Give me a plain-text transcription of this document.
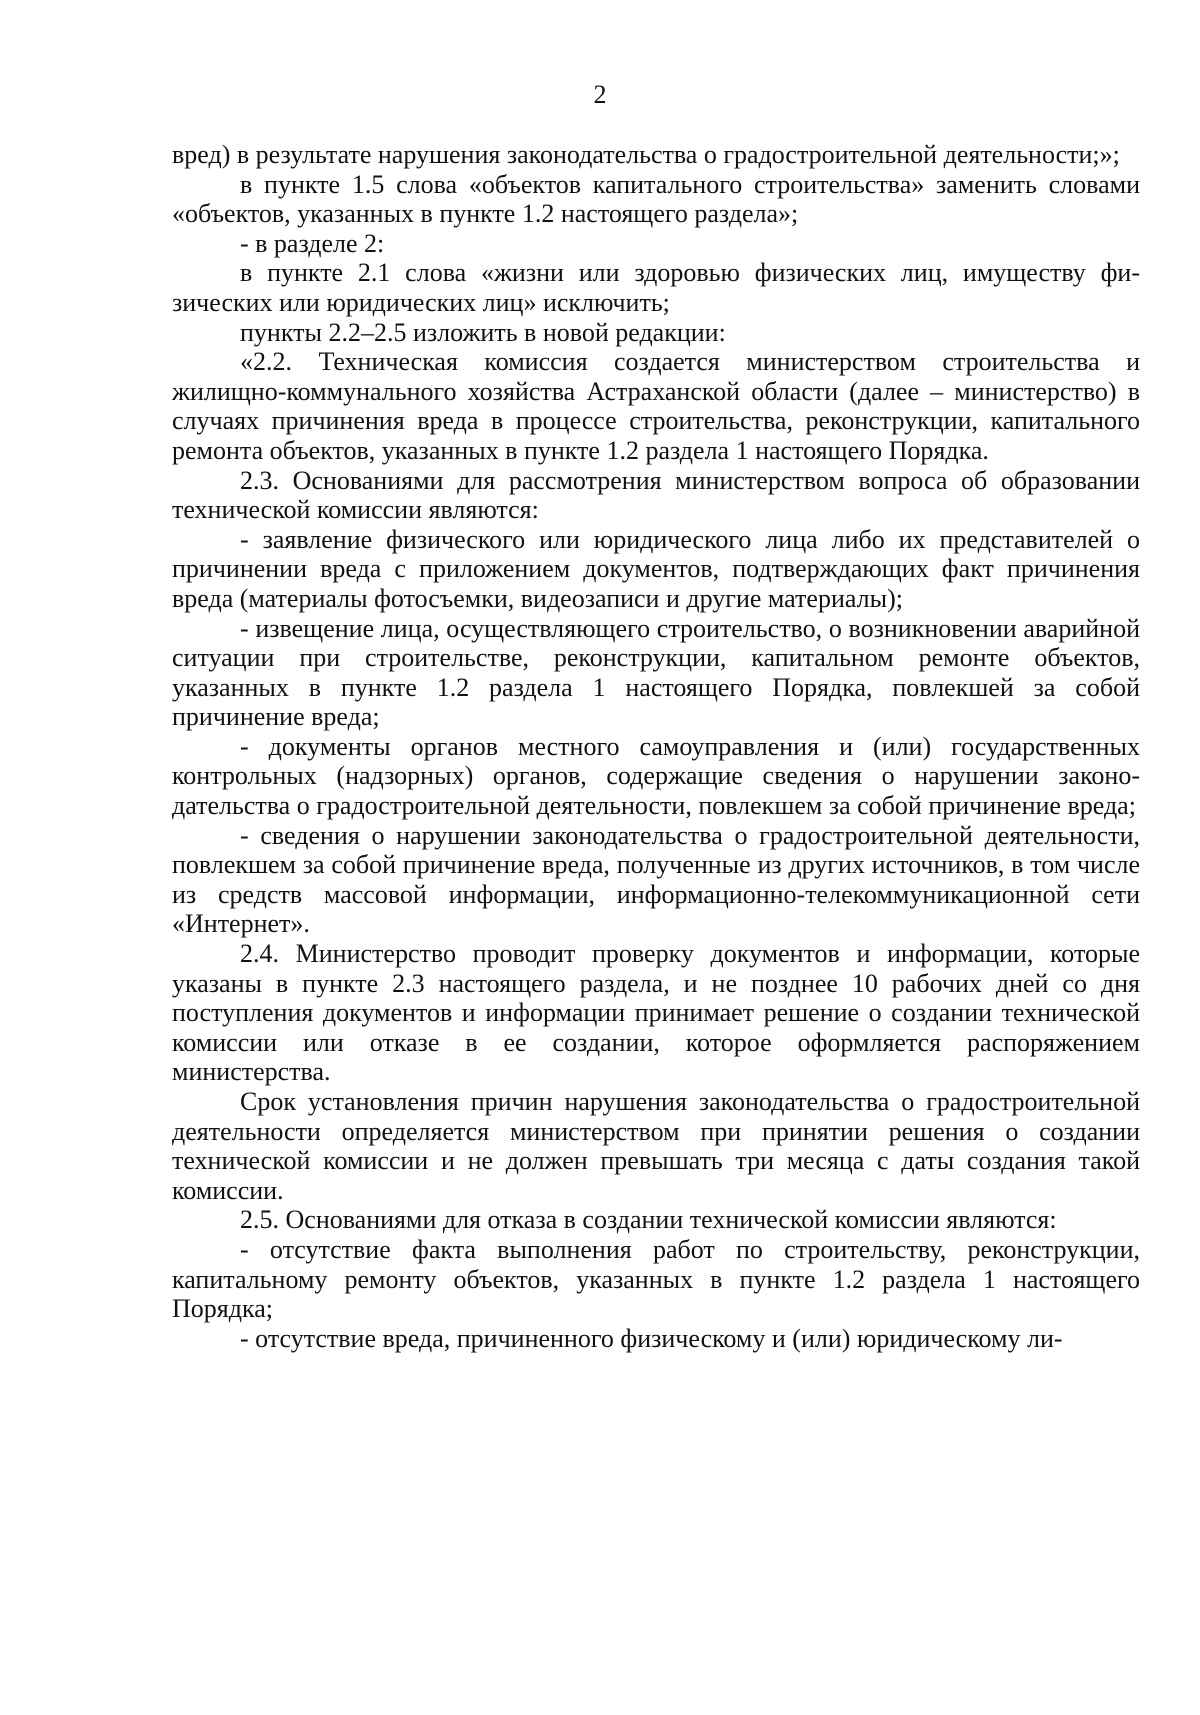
2

вред) в результате нарушения законодательства о градостроительной деятельности;»;

в пункте 1.5 слова «объектов капитального строительства» заменить словами «объектов, указанных в пункте 1.2 настоящего раздела»;

- в разделе 2:

в пункте 2.1 слова «жизни или здоровью физических лиц, имуществу физических или юридических лиц» исключить;

пункты 2.2–2.5 изложить в новой редакции:

«2.2. Техническая комиссия создается министерством строительства и жилищно-коммунального хозяйства Астраханской области (далее – министерство) в случаях причинения вреда в процессе строительства, реконструкции, капитального ремонта объектов, указанных в пункте 1.2 раздела 1 настоящего Порядка.

2.3. Основаниями для рассмотрения министерством вопроса об образовании технической комиссии являются:

- заявление физического или юридического лица либо их представителей о причинении вреда с приложением документов, подтверждающих факт причинения вреда (материалы фотосъемки, видеозаписи и другие материалы);

- извещение лица, осуществляющего строительство, о возникновении аварийной ситуации при строительстве, реконструкции, капитальном ремонте объектов, указанных в пункте 1.2 раздела 1 настоящего Порядка, повлекшей за собой причинение вреда;

- документы органов местного самоуправления и (или) государственных контрольных (надзорных) органов, содержащие сведения о нарушении законодательства о градостроительной деятельности, повлекшем за собой причинение вреда;

- сведения о нарушении законодательства о градостроительной деятельности, повлекшем за собой причинение вреда, полученные из других источников, в том числе из средств массовой информации, информационно-телекоммуникационной сети «Интернет».

2.4. Министерство проводит проверку документов и информации, которые указаны в пункте 2.3 настоящего раздела, и не позднее 10 рабочих дней со дня поступления документов и информации принимает решение о создании технической комиссии или отказе в ее создании, которое оформляется распоряжением министерства.

Срок установления причин нарушения законодательства о градостроительной деятельности определяется министерством при принятии решения о создании технической комиссии и не должен превышать три месяца с даты создания такой комиссии.

2.5. Основаниями для отказа в создании технической комиссии являются:

- отсутствие факта выполнения работ по строительству, реконструкции, капитальному ремонту объектов, указанных в пункте 1.2 раздела 1 настоящего Порядка;

- отсутствие вреда, причиненного физическому и (или) юридическому ли-
